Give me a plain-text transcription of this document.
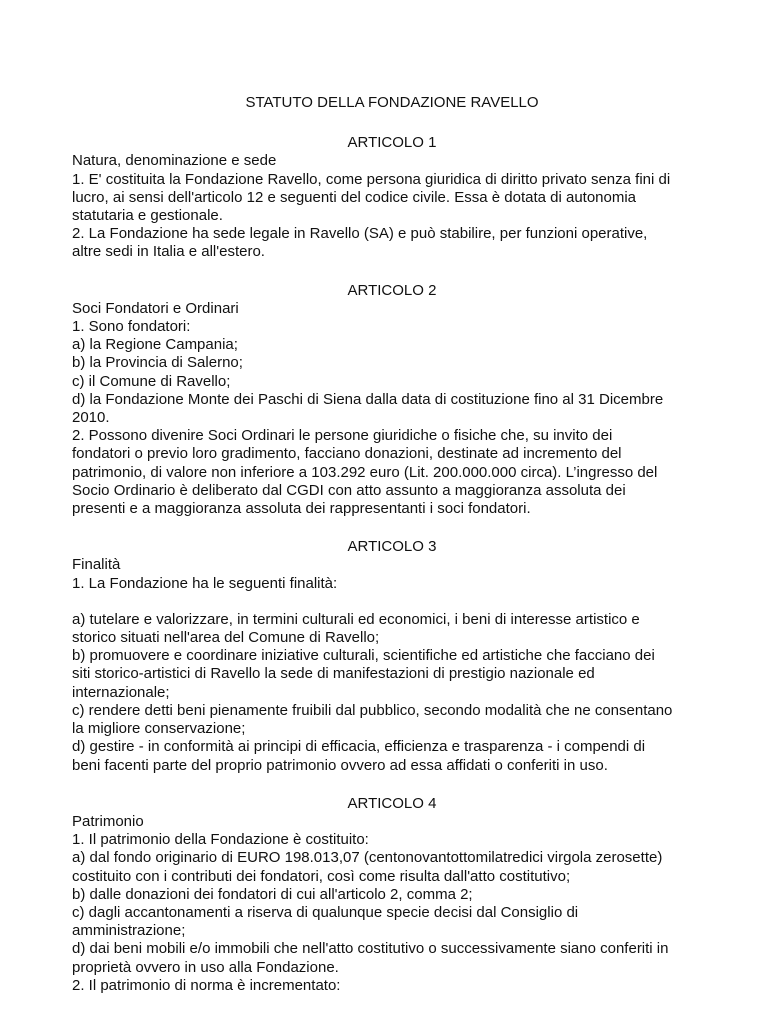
STATUTO DELLA FONDAZIONE RAVELLO

ARTICOLO 1

Natura, denominazione e sede

1. E' costituita la Fondazione Ravello, come persona giuridica di diritto privato senza fini di

lucro, ai sensi dell'articolo 12 e seguenti del codice civile. Essa è dotata di autonomia

statutaria e gestionale.

2. La Fondazione ha sede legale in Ravello (SA) e può stabilire, per funzioni operative,

altre sedi in Italia e all'estero.

ARTICOLO 2

Soci Fondatori e Ordinari

1. Sono fondatori:

a) la Regione Campania;

b) la Provincia di Salerno;

c) il Comune di Ravello;

d) la Fondazione Monte dei Paschi di Siena dalla data di costituzione fino al 31 Dicembre

2010.

2. Possono divenire Soci Ordinari le persone giuridiche o fisiche che, su invito dei

fondatori o previo loro gradimento, facciano donazioni, destinate ad incremento del

patrimonio, di valore non inferiore a 103.292 euro (Lit. 200.000.000 circa). L’ingresso del

Socio Ordinario è deliberato dal CGDI con atto assunto a maggioranza assoluta dei

presenti e a maggioranza assoluta dei rappresentanti i soci fondatori.

ARTICOLO 3

Finalità

1. La Fondazione ha le seguenti finalità:

a) tutelare e valorizzare, in termini culturali ed economici, i beni di interesse artistico e

storico situati nell'area del Comune di Ravello;

b) promuovere e coordinare iniziative culturali, scientifiche ed artistiche che facciano dei

siti storico-artistici di Ravello la sede di manifestazioni di prestigio nazionale ed

internazionale;

c) rendere detti beni pienamente fruibili dal pubblico, secondo modalità che ne consentano

la migliore conservazione;

d) gestire - in conformità ai principi di efficacia, efficienza e trasparenza - i compendi di

beni facenti parte del proprio patrimonio ovvero ad essa affidati o conferiti in uso.

ARTICOLO 4

Patrimonio

1. Il patrimonio della Fondazione è costituito:

a) dal fondo originario di EURO 198.013,07 (centonovantottomilatredici virgola zerosette)

costituito con i contributi dei fondatori, così come risulta dall'atto costitutivo;

b) dalle donazioni dei fondatori di cui all'articolo 2, comma 2;

c) dagli accantonamenti a riserva di qualunque specie decisi dal Consiglio di

amministrazione;

d) dai beni mobili e/o immobili che nell'atto costitutivo o successivamente siano conferiti in

proprietà ovvero in uso alla Fondazione.

2. Il patrimonio di norma è incrementato:
